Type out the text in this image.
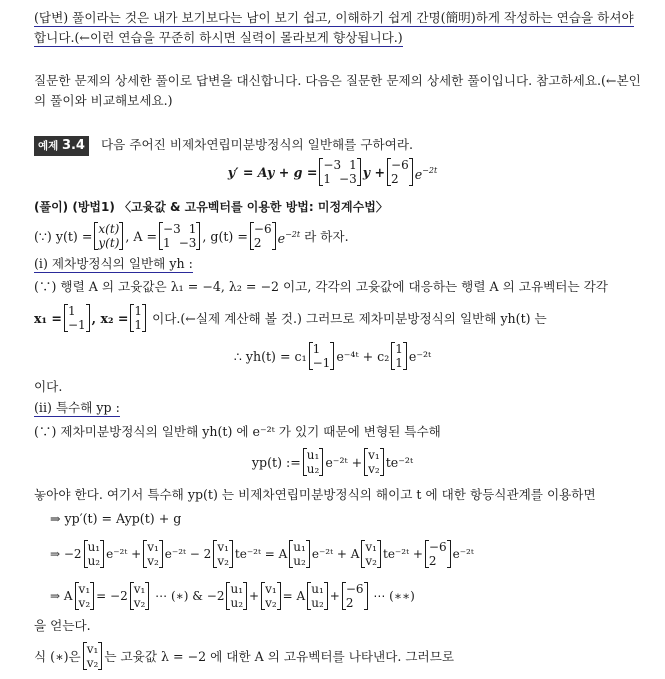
(답변) 풀이라는 것은 내가 보기보다는 남이 보기 쉽고, 이해하기 쉽게 간명(簡明)하게 작성하는 연습을 하셔야
합니다.(←이런 연습을 꾸준히 하시면 실력이 몰라보게 향상됩니다.)
질문한 문제의 상세한 풀이로 답변을 대신합니다. 다음은 질문한 문제의 상세한 풀이입니다. 참고하세요.(←본인
의 풀이와 비교해보세요.)
예제 3.4 다음 주어진 비제차연립미분방정식의 일반해를 구하여라.
y′ = Ay + g = −3 1
1 −3 y + −6
2 $e^{-2t}$
(풀이) (방법1) 〈고윳값 & 고유벡터를 이용한 방법: 미정계수법〉
(∵) y(t) = x(t)
y(t) , A = −3 1
1 −3 , g(t) = −6
2 $e^{-2t}$
라 하자.
(i) 제차방정식의 일반해 yh :
(∵) 행렬 A 의 고윳값은 λ₁ = −4, λ₂ = −2 이고, 각각의 고윳값에 대응하는 행렬 A 의 고유벡터는 각각
x₁ = 1
−1 , x₂ = 1
1
이다.(←실제 계산해 볼 것.) 그러므로 제차미분방정식의 일반해 yh(t) 는
∴ yh(t) = c₁ 1
−1 e⁻⁴ᵗ + c₂ 1
1 e⁻²ᵗ
이다.
(ii) 특수해 yp :
(∵) 제차미분방정식의 일반해 yh(t) 에 e⁻²ᵗ 가 있기 때문에 변형된 특수해
yp(t) := u₁
u₂ e⁻²ᵗ + v₁
v₂ te⁻²ᵗ
놓아야 한다. 여기서 특수해 yp(t) 는 비제차연립미분방정식의 해이고 t 에 대한 항등식관계를 이용하면
⇒ yp′(t) = Ayp(t) + g
⇒ −2 u₁
u₂
e⁻²ᵗ + v₁
v₂
e⁻²ᵗ − 2 v₁
v₂
te⁻²ᵗ = A u₁
u₂
e⁻²ᵗ + A v₁
v₂
te⁻²ᵗ + −6
2
e⁻²ᵗ
⇒ A v₁
v₂
= −2 v₁
v₂

⋯ (∗) & −2 u₁
u₂
+ v₁
v₂
= A u₁
u₂
+ −6
2

⋯ (∗∗)
을 얻는다.
식 (∗)은 v₁
v₂ 는 고윳값 λ = −2 에 대한 A 의 고유벡터를 나타낸다. 그러므로
